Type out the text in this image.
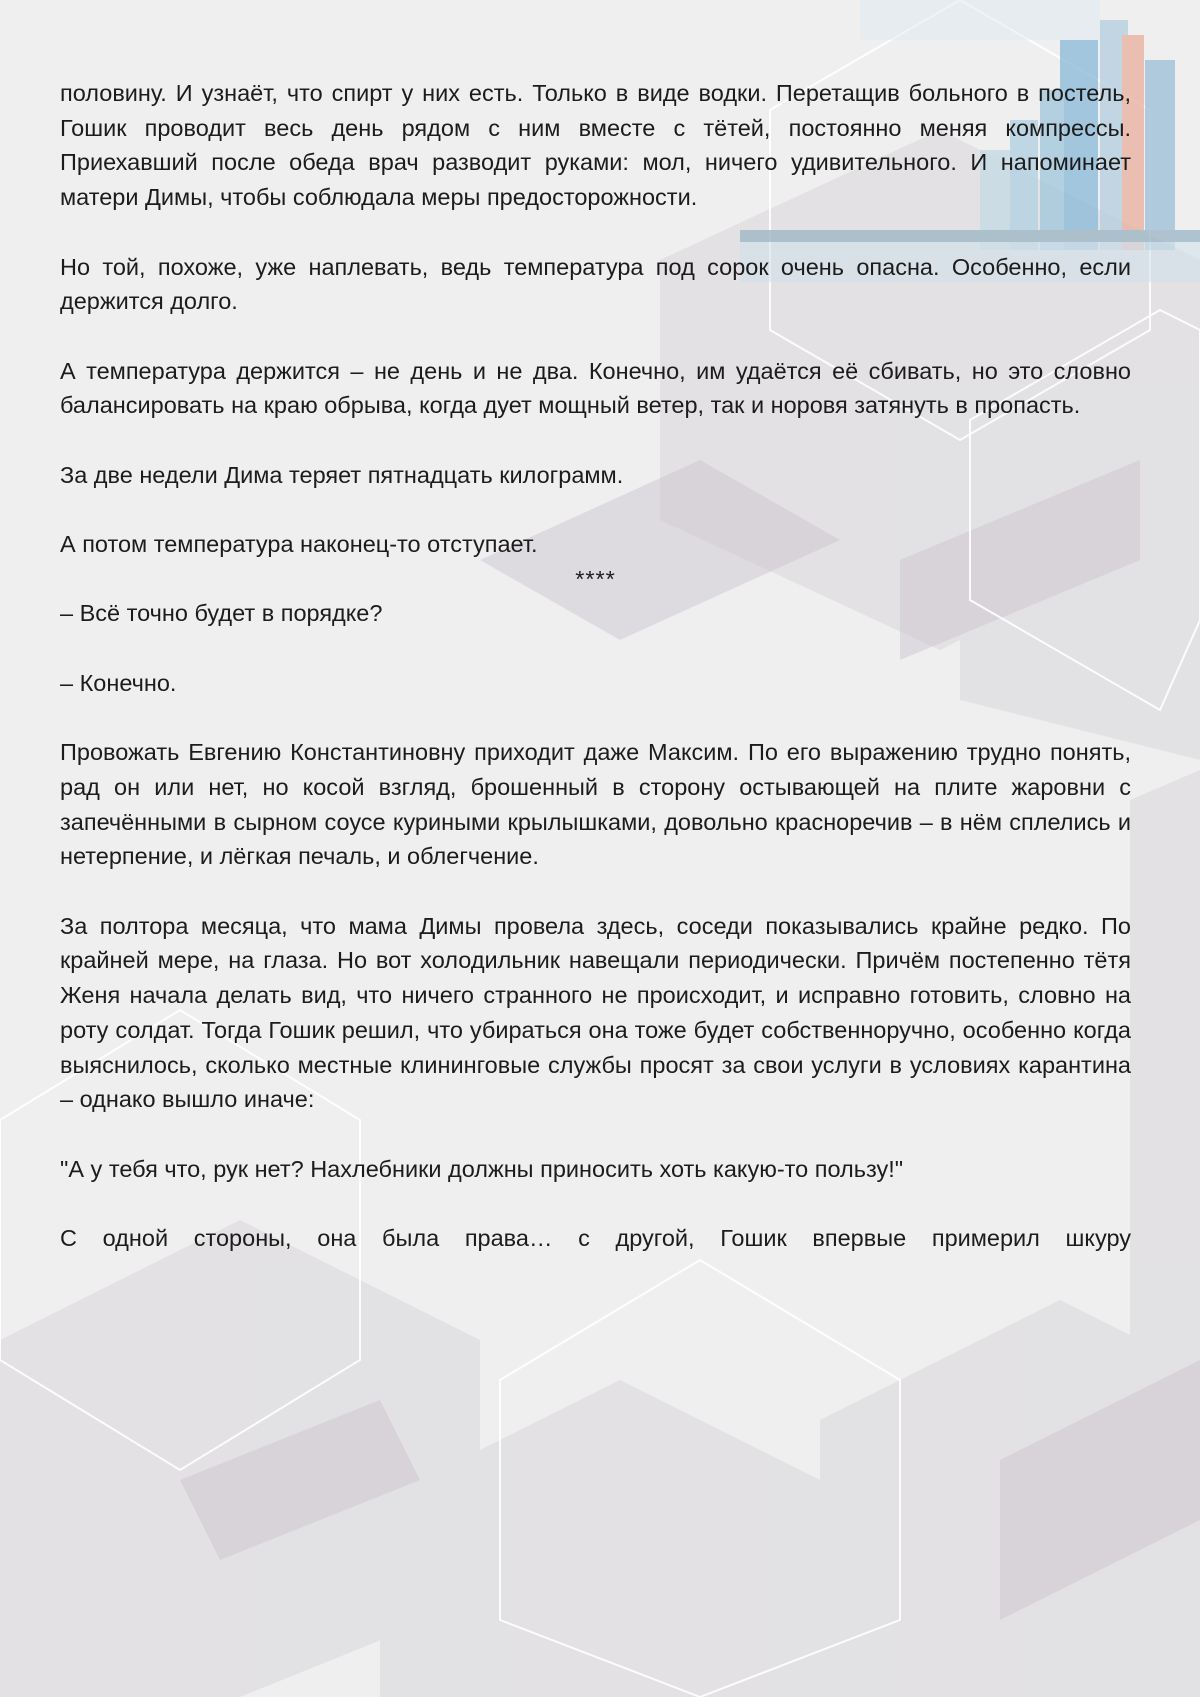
половину. И узнаёт, что спирт у них есть. Только в виде водки. Перетащив больного в постель, Гошик проводит весь день рядом с ним вместе с тётей, постоянно меняя компрессы. Приехавший после обеда врач разводит руками: мол, ничего удивительного. И напоминает матери Димы, чтобы соблюдала меры предосторожности.

Но той, похоже, уже наплевать, ведь температура под сорок очень опасна. Особенно, если держится долго.

А температура держится – не день и не два. Конечно, им удаётся её сбивать, но это словно балансировать на краю обрыва, когда дует мощный ветер, так и норовя затянуть в пропасть.

За две недели Дима теряет пятнадцать килограмм.

А потом температура наконец-то отступает.

****

– Всё точно будет в порядке?

– Конечно.

Провожать Евгению Константиновну приходит даже Максим. По его выражению трудно понять, рад он или нет, но косой взгляд, брошенный в сторону остывающей на плите жаровни с запечёнными в сырном соусе куриными крылышками, довольно красноречив – в нём сплелись и нетерпение, и лёгкая печаль, и облегчение.

За полтора месяца, что мама Димы провела здесь, соседи показывались крайне редко. По крайней мере, на глаза. Но вот холодильник навещали периодически. Причём постепенно тётя Женя начала делать вид, что ничего странного не происходит, и исправно готовить, словно на роту солдат. Тогда Гошик решил, что убираться она тоже будет собственноручно, особенно когда выяснилось, сколько местные клининговые службы просят за свои услуги в условиях карантина – однако вышло иначе:

"А у тебя что, рук нет? Нахлебники должны приносить хоть какую-то пользу!"

С одной стороны, она была права… с другой, Гошик впервые примерил шкуру
